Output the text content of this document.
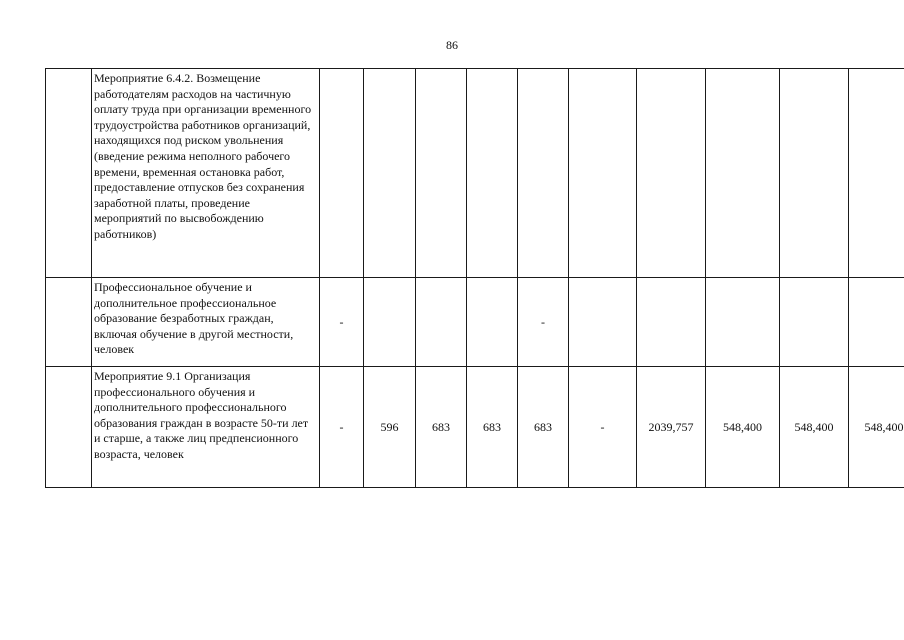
86
	Мероприятие 6.4.2. Возмещение работодателям расходов на частичную оплату труда при организации временного трудоустройства работников организаций, находящихся под риском увольнения (введение режима неполного рабочего времени, временная остановка работ, предоставление отпусков без сохранения заработной платы, проведение мероприятий по высвобождению работников)										
	Профессиональное обучение и дополнительное профессиональное образование безработных граждан, включая обучение в другой местности, человек	-				-					
	Мероприятие 9.1 Организация профессионального обучения и дополнительного профессионального образования граждан в возрасте 50-ти лет и старше, а также лиц предпенсионного возраста, человек	-	596	683	683	683	-	2039,757	548,400	548,400	548,400
